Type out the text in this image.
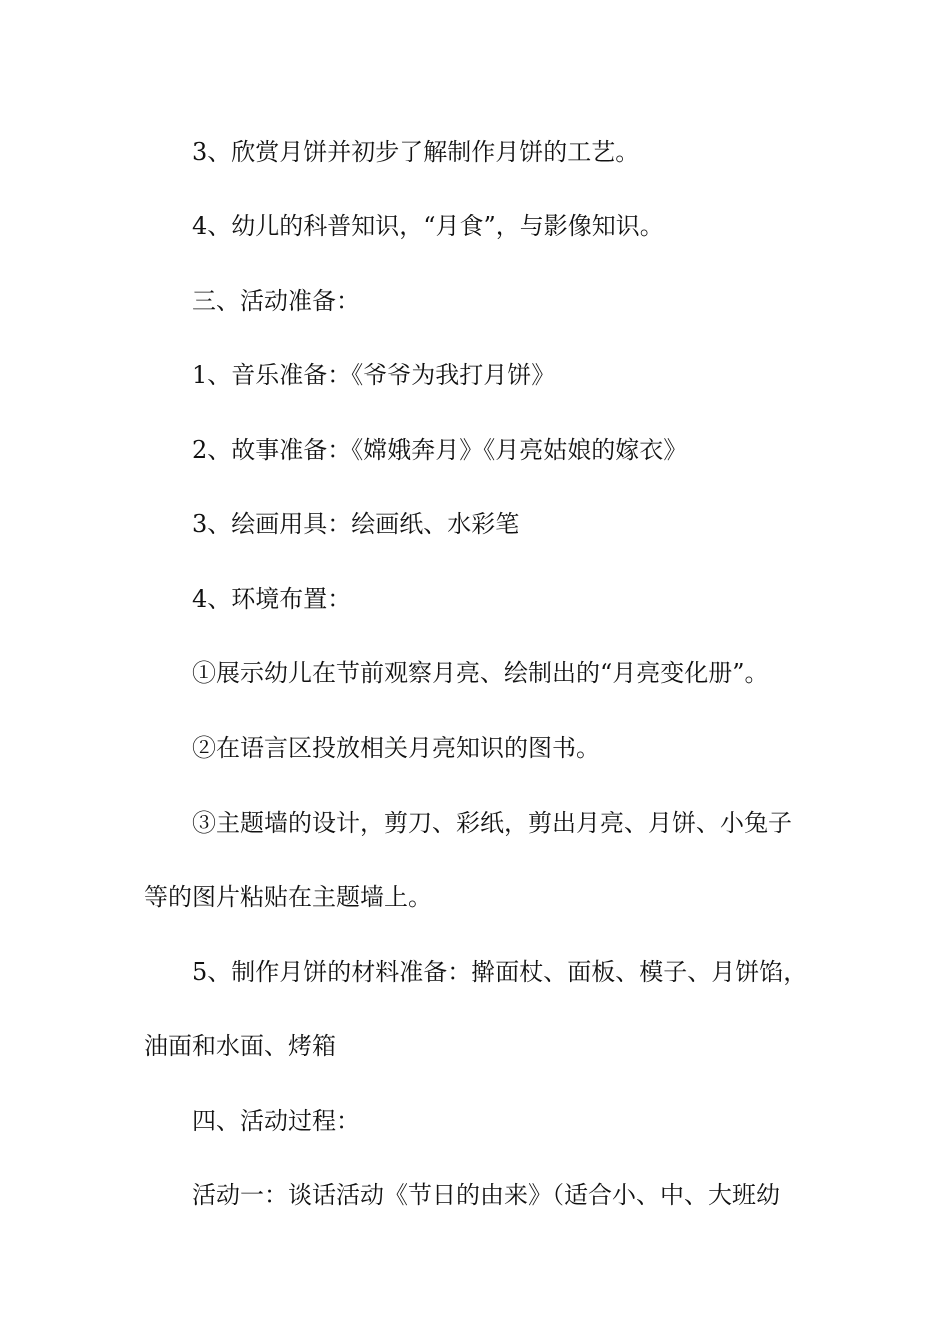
3、欣赏月饼并初步了解制作月饼的工艺。
4、幼儿的科普知识，“月食”，与影像知识。
三、活动准备：
1、音乐准备：《爷爷为我打月饼》
2、故事准备：《嫦娥奔月》《月亮姑娘的嫁衣》
3、绘画用具：绘画纸、水彩笔
4、环境布置：
①展示幼儿在节前观察月亮、绘制出的“月亮变化册”。
②在语言区投放相关月亮知识的图书。
③主题墙的设计，剪刀、彩纸，剪出月亮、月饼、小兔子
等的图片粘贴在主题墙上。
5、制作月饼的材料准备：擀面杖、面板、模子、月饼馅，
油面和水面、烤箱
四、活动过程：
活动一：谈话活动《节日的由来》（适合小、中、大班幼
